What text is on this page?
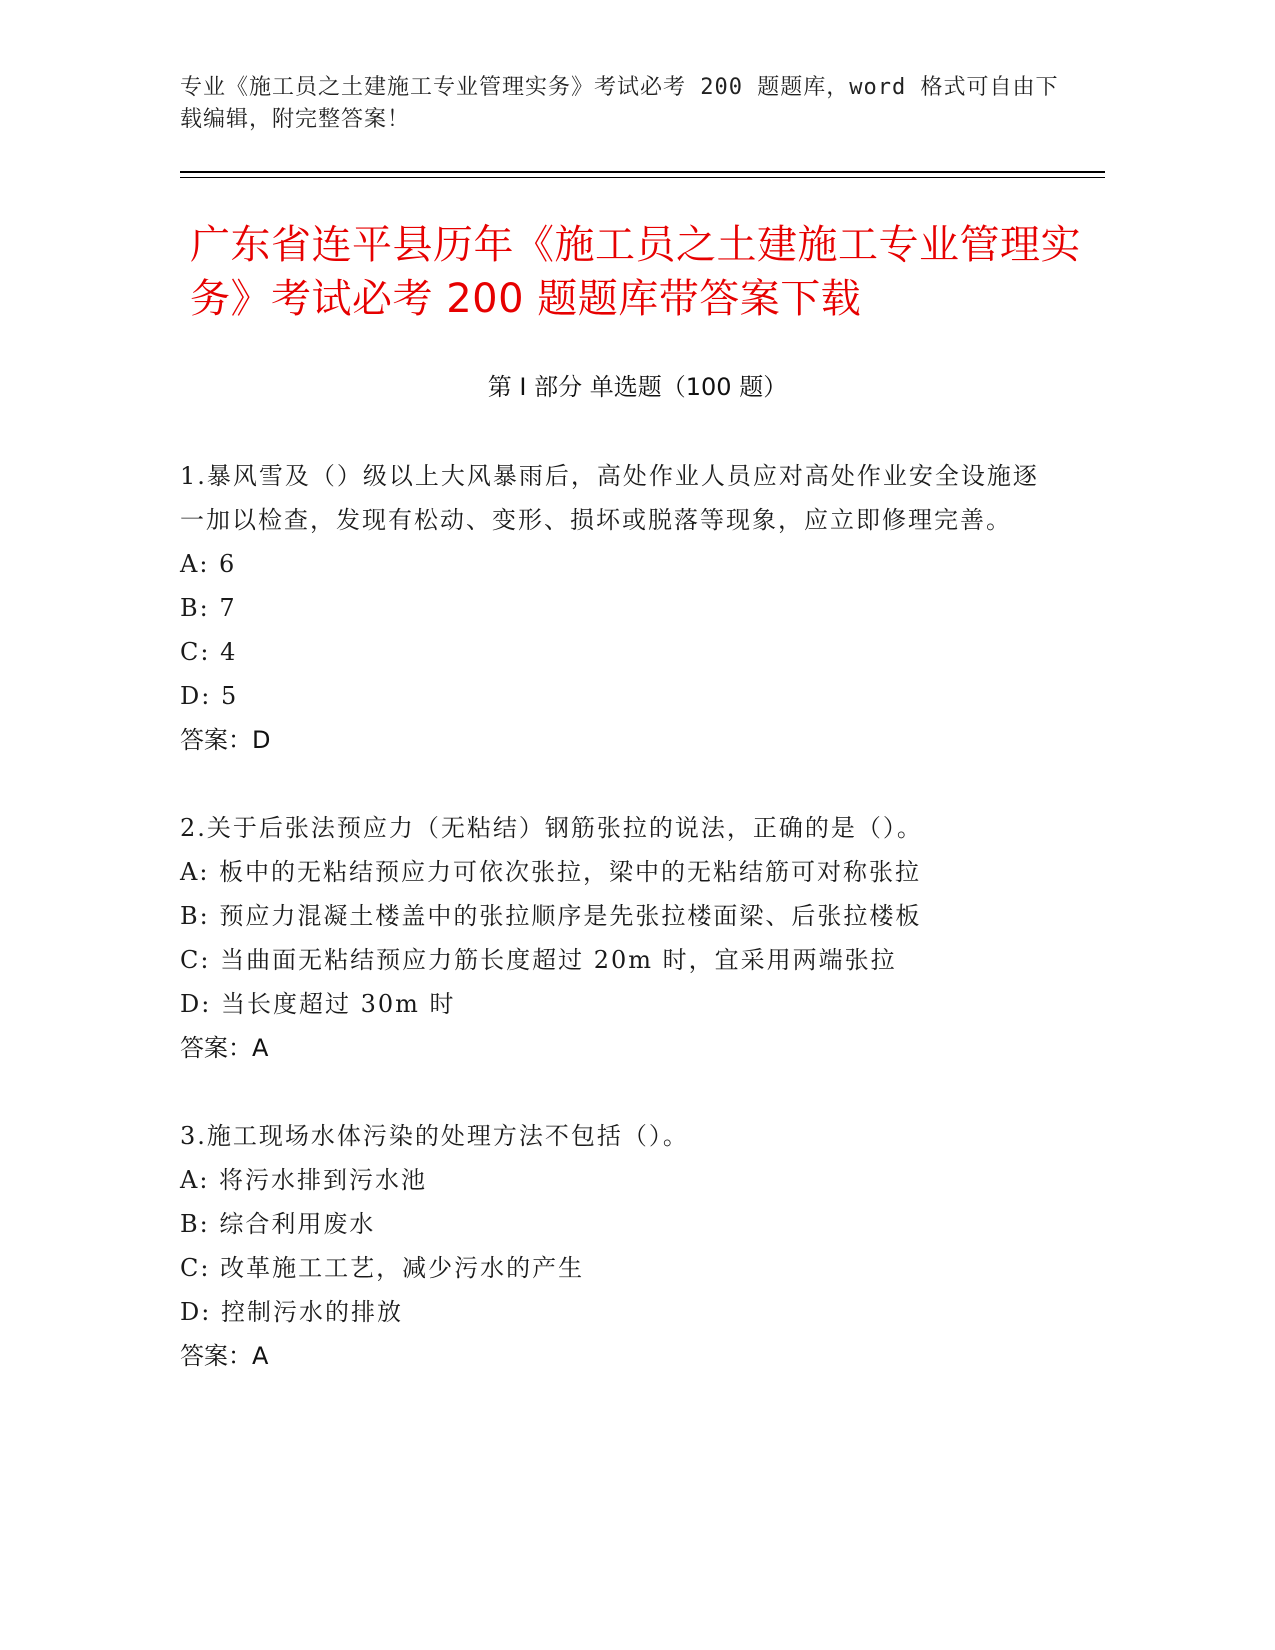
专业《施工员之土建施工专业管理实务》考试必考 200 题题库，word 格式可自由下载编辑，附完整答案！
广东省连平县历年《施工员之土建施工专业管理实务》考试必考 200 题题库带答案下载
第 I 部分 单选题（100 题）

1.暴风雪及（）级以上大风暴雨后，高处作业人员应对高处作业安全设施逐一加以检查，发现有松动、变形、损坏或脱落等现象，应立即修理完善。

A: 6

B: 7

C: 4

D: 5

答案：D

2.关于后张法预应力（无粘结）钢筋张拉的说法，正确的是（）。

A: 板中的无粘结预应力可依次张拉，梁中的无粘结筋可对称张拉

B: 预应力混凝土楼盖中的张拉顺序是先张拉楼面梁、后张拉楼板

C: 当曲面无粘结预应力筋长度超过 20m 时，宜采用两端张拉

D: 当长度超过 30m 时

答案：A

3.施工现场水体污染的处理方法不包括（）。

A: 将污水排到污水池

B: 综合利用废水

C: 改革施工工艺，减少污水的产生

D: 控制污水的排放

答案：A
